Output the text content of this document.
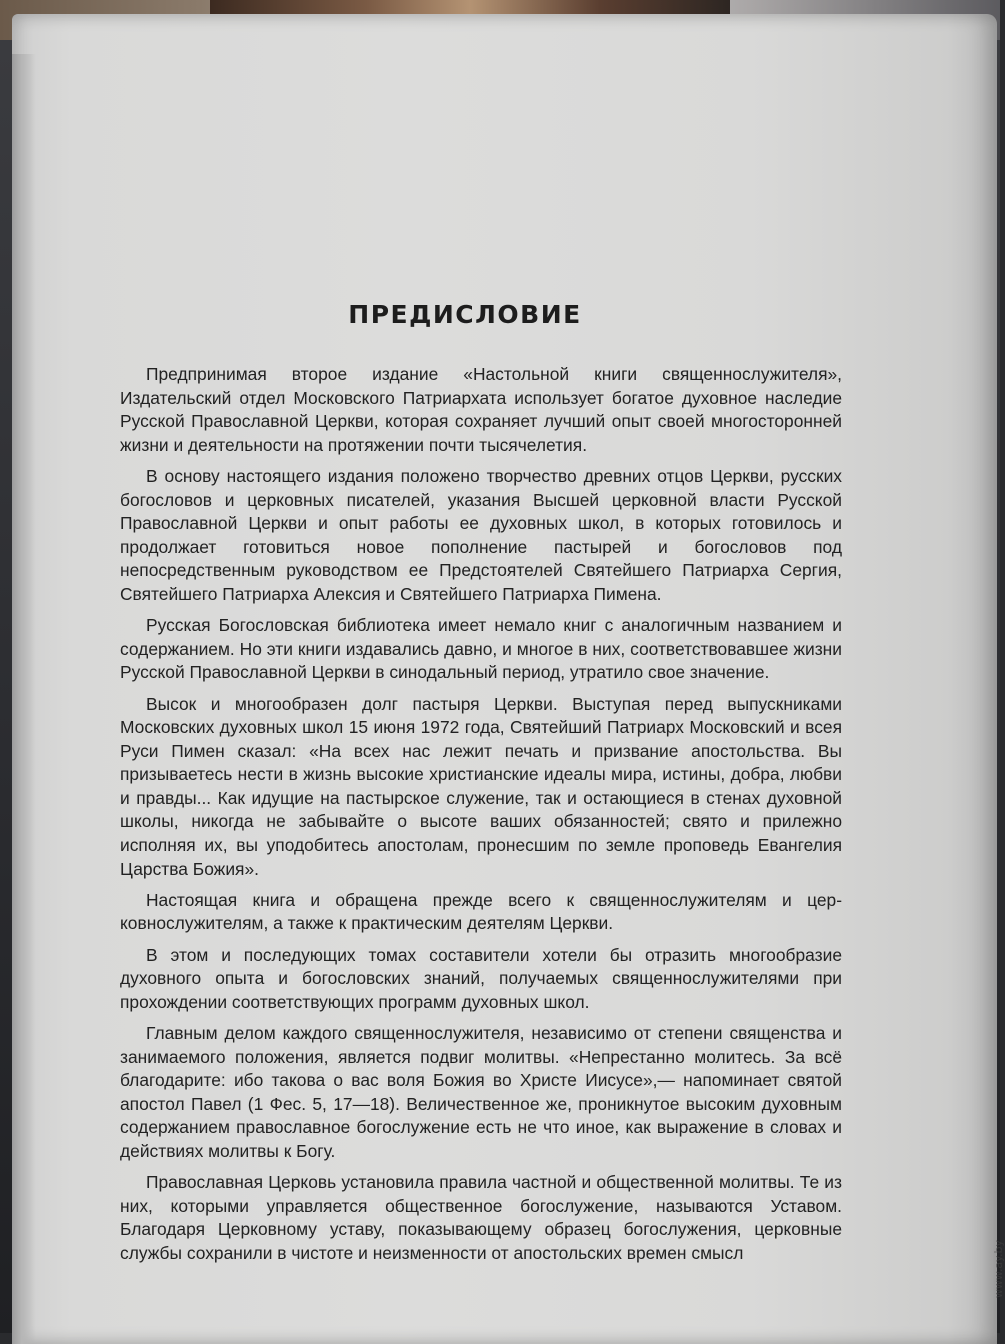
ПРЕДИСЛОВИЕ

Предпринимая второе издание «Настольной книги священнослужителя», Издательский отдел Московского Патриархата использует богатое духовное наследие Русской Православной Церкви, которая сохраняет лучший опыт своей многосторонней жизни и деятельности на протяжении почти тысячелетия.

В основу настоящего издания положено творчество древних отцов Церкви, русских богословов и церковных писателей, указания Высшей церковной власти Русской Православной Церкви и опыт работы ее духовных школ, в которых готовилось и продолжает готовиться новое пополнение пастырей и богословов под непосредственным руководством ее Предстоятелей Святейшего Патриарха Сергия, Святейшего Патриарха Алексия и Святейшего Патриарха Пимена.

Русская Богословская библиотека имеет немало книг с аналогичным названием и содержанием. Но эти книги издавались давно, и многое в них, соответствовавшее жизни Русской Православной Церкви в синодальный период, утратило свое значение.

Высок и многообразен долг пастыря Церкви. Выступая перед выпускниками Московских духовных школ 15 июня 1972 года, Святейший Патриарх Московский и всея Руси Пимен сказал: «На всех нас лежит печать и призвание апостольства. Вы призываетесь нести в жизнь высокие христианские идеалы мира, истины, добра, любви и правды... Как идущие на пастырское служение, так и остающиеся в стенах духовной школы, никогда не забывайте о высоте ваших обязанностей; свято и прилежно исполняя их, вы уподобитесь апостолам, пронесшим по земле проповедь Евангелия Царства Божия».

Настоящая книга и обращена прежде всего к священнослужителям и церковнослужителям, а также к практическим деятелям Церкви.

В этом и последующих томах составители хотели бы отразить многообразие духовного опыта и богословских знаний, получаемых священнослужителями при прохождении соответствующих программ духовных школ.

Главным делом каждого священнослужителя, независимо от степени священства и занимаемого положения, является подвиг молитвы. «Непрестанно молитесь. За всё благодарите: ибо такова о вас воля Божия во Христе Иисусе»,— напоминает святой апостол Павел (1 Фес. 5, 17—18). Величественное же, проникнутое высоким духовным содержанием православное богослужение есть не что иное, как выражение в словах и действиях молитвы к Богу.

Православная Церковь установила правила частной и общественной молитвы. Те из них, которыми управляется общественное богослужение, называются Уставом. Благодаря Церковному уставу, показывающему образец богослужения, церковные службы сохранили в чистоте и неизменности от апостольских времен смысл	www.ay.by
